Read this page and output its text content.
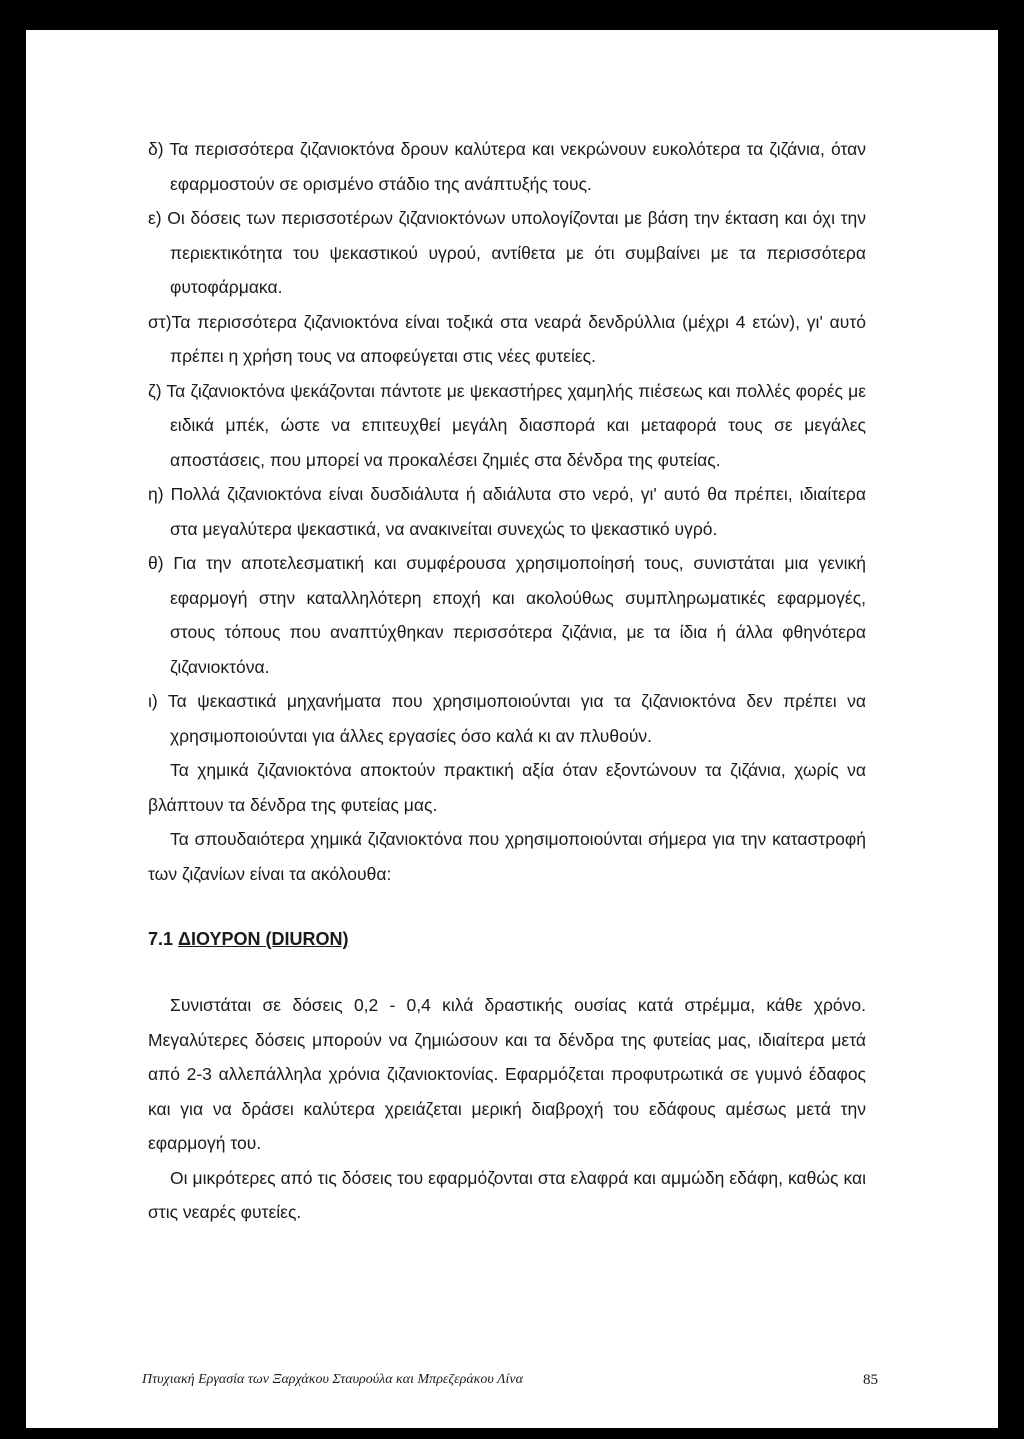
δ) Τα περισσότερα ζιζανιοκτόνα δρουν καλύτερα και νεκρώνουν ευκολότερα τα ζιζάνια, όταν εφαρμοστούν σε ορισμένο στάδιο της ανάπτυξής τους.

ε) Οι δόσεις των περισσοτέρων ζιζανιοκτόνων υπολογίζονται με βάση την έκταση και όχι την περιεκτικότητα του ψεκαστικού υγρού, αντίθετα με ότι συμβαίνει με τα περισσότερα φυτοφάρμακα.

στ)Τα περισσότερα ζιζανιοκτόνα είναι τοξικά στα νεαρά δενδρύλλια (μέχρι 4 ετών), γι' αυτό πρέπει η χρήση τους να αποφεύγεται στις νέες φυτείες.

ζ) Τα ζιζανιοκτόνα ψεκάζονται πάντοτε με ψεκαστήρες χαμηλής πιέσεως και πολλές φορές με ειδικά μπέκ, ώστε να επιτευχθεί μεγάλη διασπορά και μεταφορά τους σε μεγάλες αποστάσεις, που μπορεί να προκαλέσει ζημιές στα δένδρα της φυτείας.

η) Πολλά ζιζανιοκτόνα είναι δυσδιάλυτα ή αδιάλυτα στο νερό, γι' αυτό θα πρέπει, ιδιαίτερα στα μεγαλύτερα ψεκαστικά, να ανακινείται συνεχώς το ψεκαστικό υγρό.

θ) Για την αποτελεσματική και συμφέρουσα χρησιμοποίησή τους, συνιστάται μια γενική εφαρμογή στην καταλληλότερη εποχή και ακολούθως συμπληρωματικές εφαρμογές, στους τόπους που αναπτύχθηκαν περισσότερα ζιζάνια, με τα ίδια ή άλλα φθηνότερα ζιζανιοκτόνα.

ι) Τα ψεκαστικά μηχανήματα που χρησιμοποιούνται για τα ζιζανιοκτόνα δεν πρέπει να χρησιμοποιούνται για άλλες εργασίες όσο καλά κι αν πλυθούν.

Τα χημικά ζιζανιοκτόνα αποκτούν πρακτική αξία όταν εξοντώνουν τα ζιζάνια, χωρίς να βλάπτουν τα δένδρα της φυτείας μας.

Τα σπουδαιότερα χημικά ζιζανιοκτόνα που χρησιμοποιούνται σήμερα για την καταστροφή των ζιζανίων είναι τα ακόλουθα:

7.1 ΔΙΟΥΡΟΝ (DIURON)

Συνιστάται σε δόσεις 0,2 - 0,4 κιλά δραστικής ουσίας κατά στρέμμα, κάθε χρόνο. Μεγαλύτερες δόσεις μπορούν να ζημιώσουν και τα δένδρα της φυτείας μας, ιδιαίτερα μετά από 2-3 αλλεπάλληλα χρόνια ζιζανιοκτονίας. Εφαρμόζεται προφυτρωτικά σε γυμνό έδαφος και για να δράσει καλύτερα χρειάζεται μερική διαβροχή του εδάφους αμέσως μετά την εφαρμογή του.

Οι μικρότερες από τις δόσεις του εφαρμόζονται στα ελαφρά και αμμώδη εδάφη, καθώς και στις νεαρές φυτείες.

Πτυχιακή Εργασία των Ξαρχάκου Σταυρούλα και Μπρεζεράκου Λίνα	85
